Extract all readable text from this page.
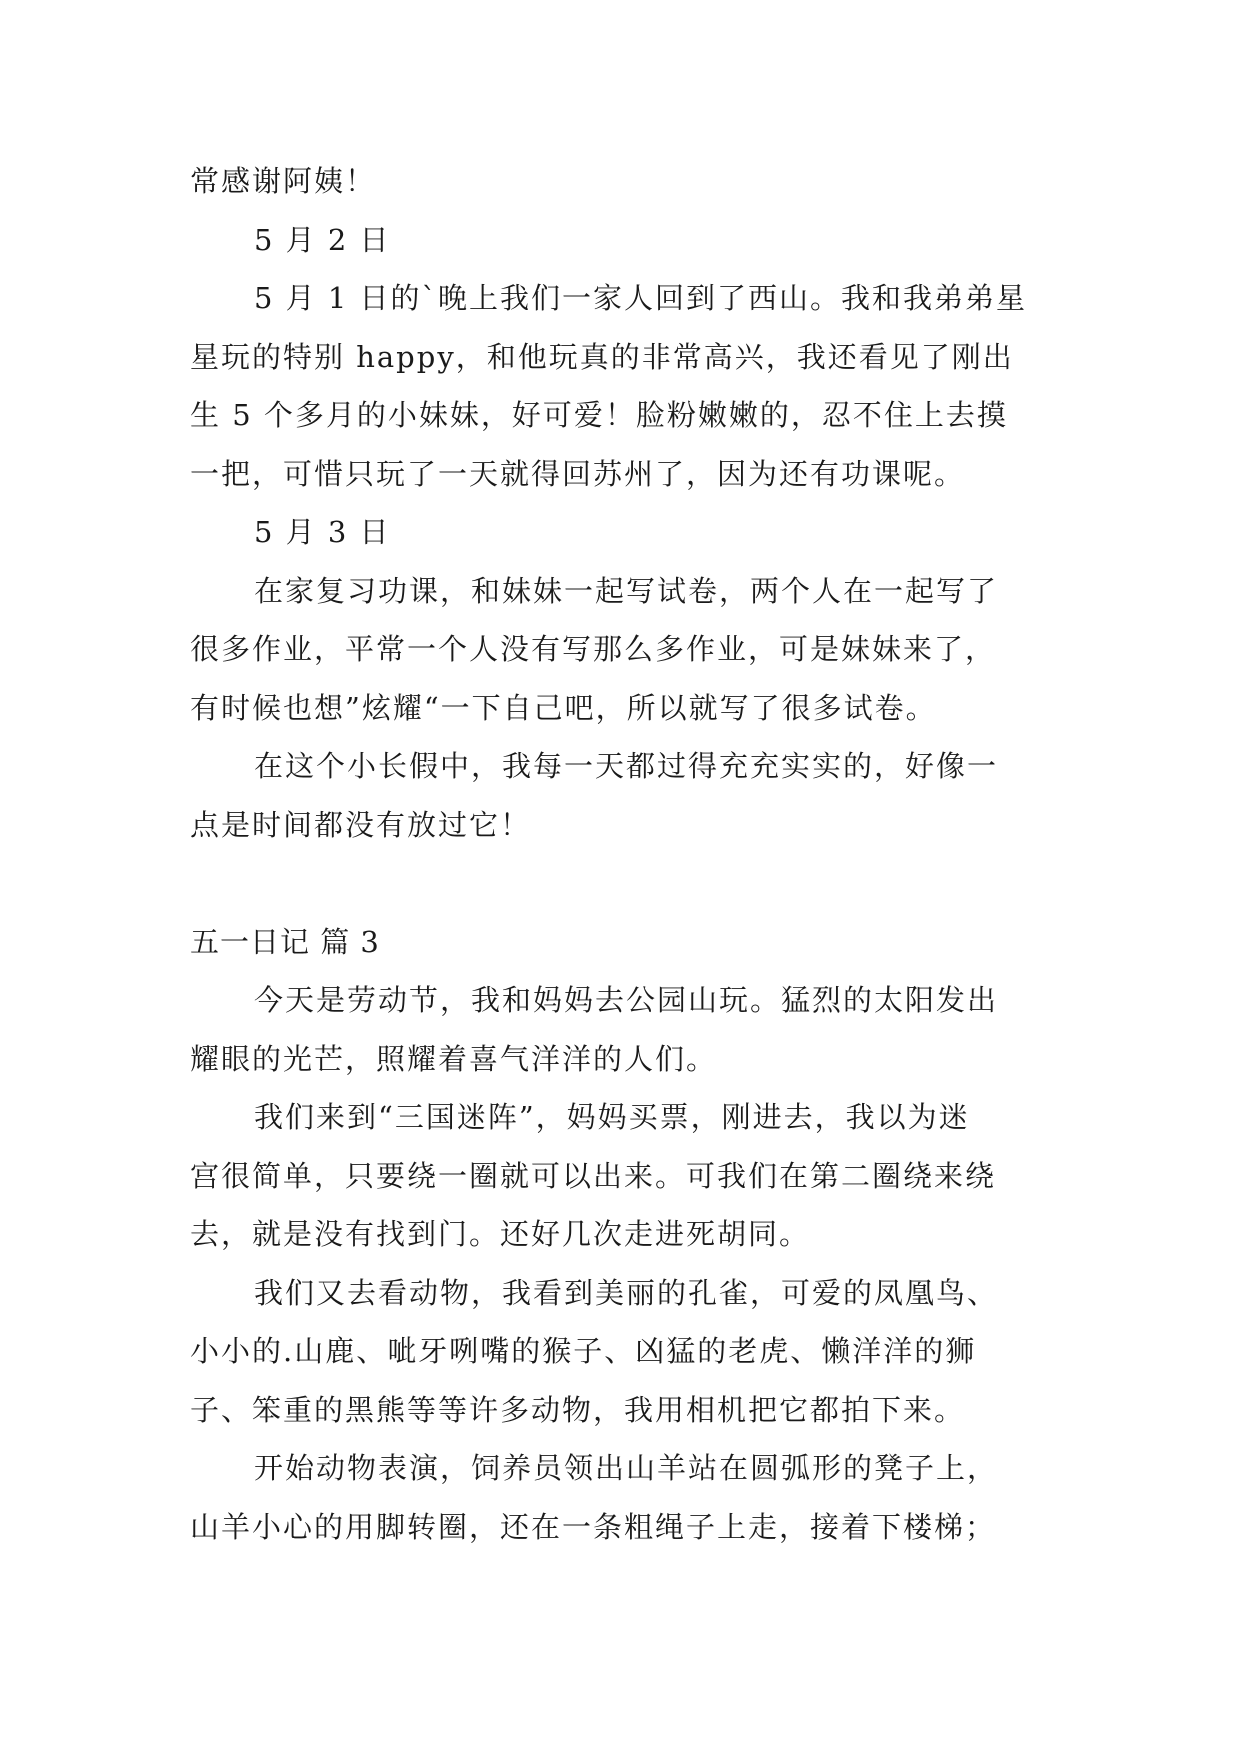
常感谢阿姨！
5 月 2 日
5 月 1 日的`晚上我们一家人回到了西山。我和我弟弟星
星玩的特别 happy，和他玩真的非常高兴，我还看见了刚出
生 5 个多月的小妹妹，好可爱！脸粉嫩嫩的，忍不住上去摸
一把，可惜只玩了一天就得回苏州了，因为还有功课呢。
5 月 3 日
在家复习功课，和妹妹一起写试卷，两个人在一起写了
很多作业，平常一个人没有写那么多作业，可是妹妹来了，
有时候也想”炫耀“一下自己吧，所以就写了很多试卷。
在这个小长假中，我每一天都过得充充实实的，好像一
点是时间都没有放过它！
五一日记 篇 3
今天是劳动节，我和妈妈去公园山玩。猛烈的太阳发出
耀眼的光芒，照耀着喜气洋洋的人们。
我们来到“三国迷阵”，妈妈买票，刚进去，我以为迷
宫很简单，只要绕一圈就可以出来。可我们在第二圈绕来绕
去，就是没有找到门。还好几次走进死胡同。
我们又去看动物，我看到美丽的孔雀，可爱的凤凰鸟、
小小的.山鹿、呲牙咧嘴的猴子、凶猛的老虎、懒洋洋的狮
子、笨重的黑熊等等许多动物，我用相机把它都拍下来。
开始动物表演，饲养员领出山羊站在圆弧形的凳子上，
山羊小心的用脚转圈，还在一条粗绳子上走，接着下楼梯；
